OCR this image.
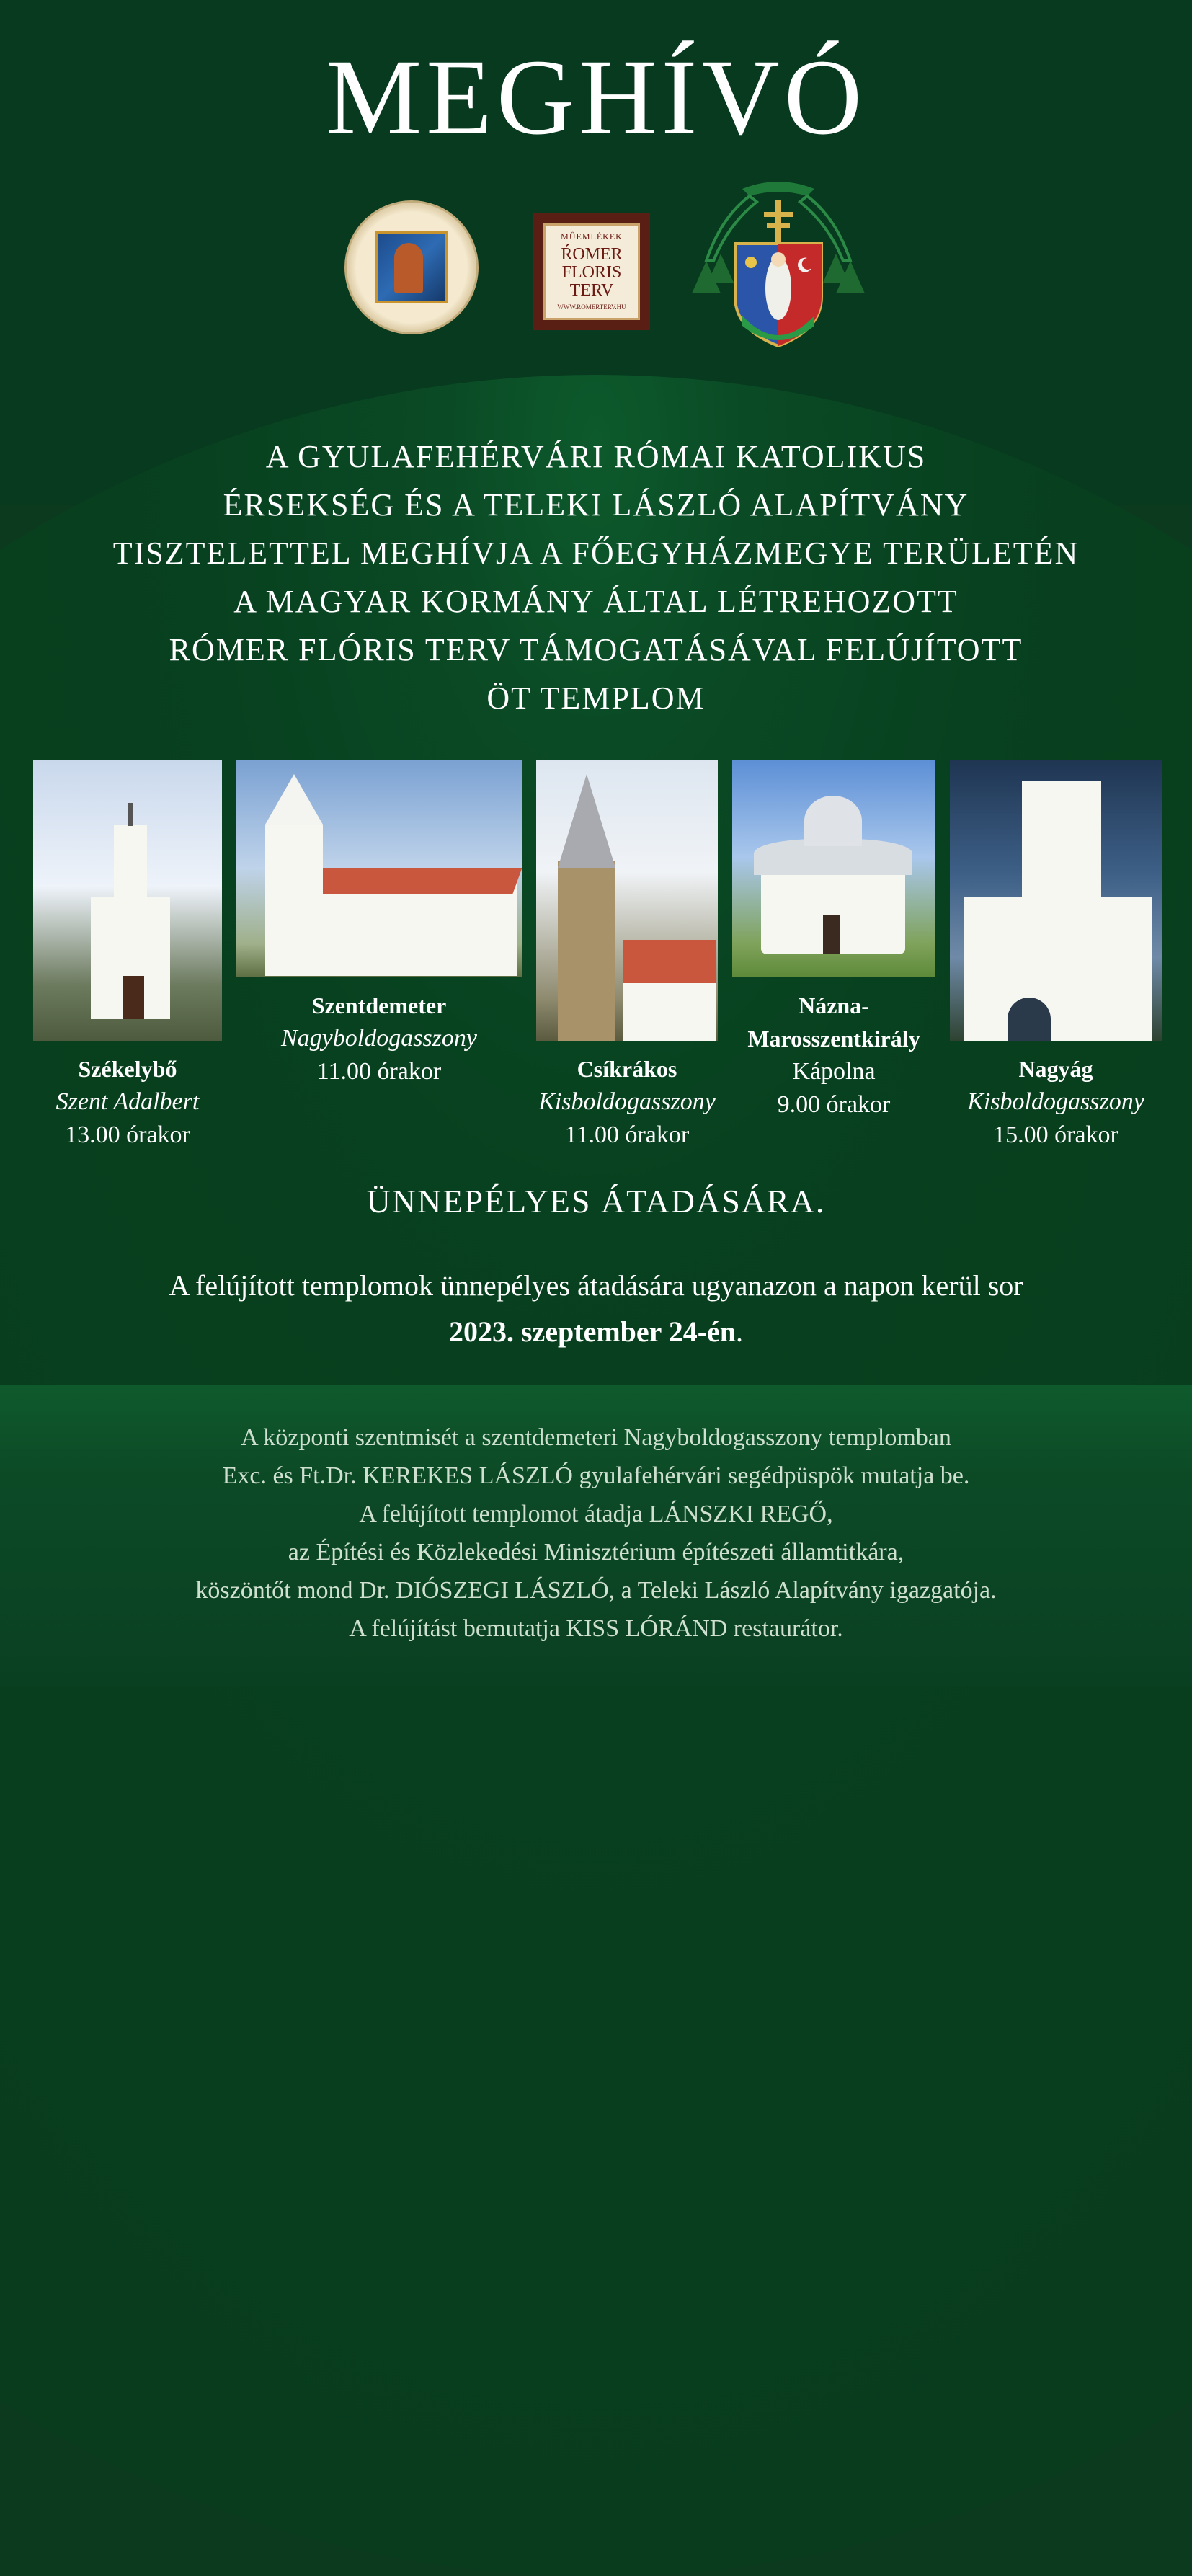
MEGHÍVÓ
MŰEMLÉKEK
ŔOMER FLORIS TERV
WWW.ROMERTERV.HU
A GYULAFEHÉRVÁRI RÓMAI KATOLIKUS
ÉRSEKSÉG ÉS A TELEKI LÁSZLÓ ALAPÍTVÁNY
TISZTELETTEL MEGHÍVJA A FŐEGYHÁZMEGYE TERÜLETÉN
A MAGYAR KORMÁNY ÁLTAL LÉTREHOZOTT
RÓMER FLÓRIS TERV TÁMOGATÁSÁVAL FELÚJÍTOTT
ÖT TEMPLOM
Székelybő
Szent Adalbert
13.00 órakor
Szentdemeter
Nagyboldogasszony
11.00 órakor	Csíkrákos
Kisboldogasszony
11.00 órakor
Názna-
Marosszentkirály
Kápolna
9.00 órakor
Nagyág
Kisboldogasszony
15.00 órakor
ÜNNEPÉLYES ÁTADÁSÁRA.
A felújított templomok ünnepélyes átadására ugyanazon a napon kerül sor
2023. szeptember 24-én.
A központi szentmisét a szentdemeteri Nagyboldogasszony templomban
Exc. és Ft.Dr. KEREKES LÁSZLÓ gyulafehérvári segédpüspök mutatja be.
A felújított templomot átadja LÁNSZKI REGŐ,
az Építési és Közlekedési Minisztérium építészeti államtitkára,
köszöntőt mond Dr. DIÓSZEGI LÁSZLÓ, a Teleki László Alapítvány igazgatója.
A felújítást bemutatja KISS LÓRÁND restaurátor.
